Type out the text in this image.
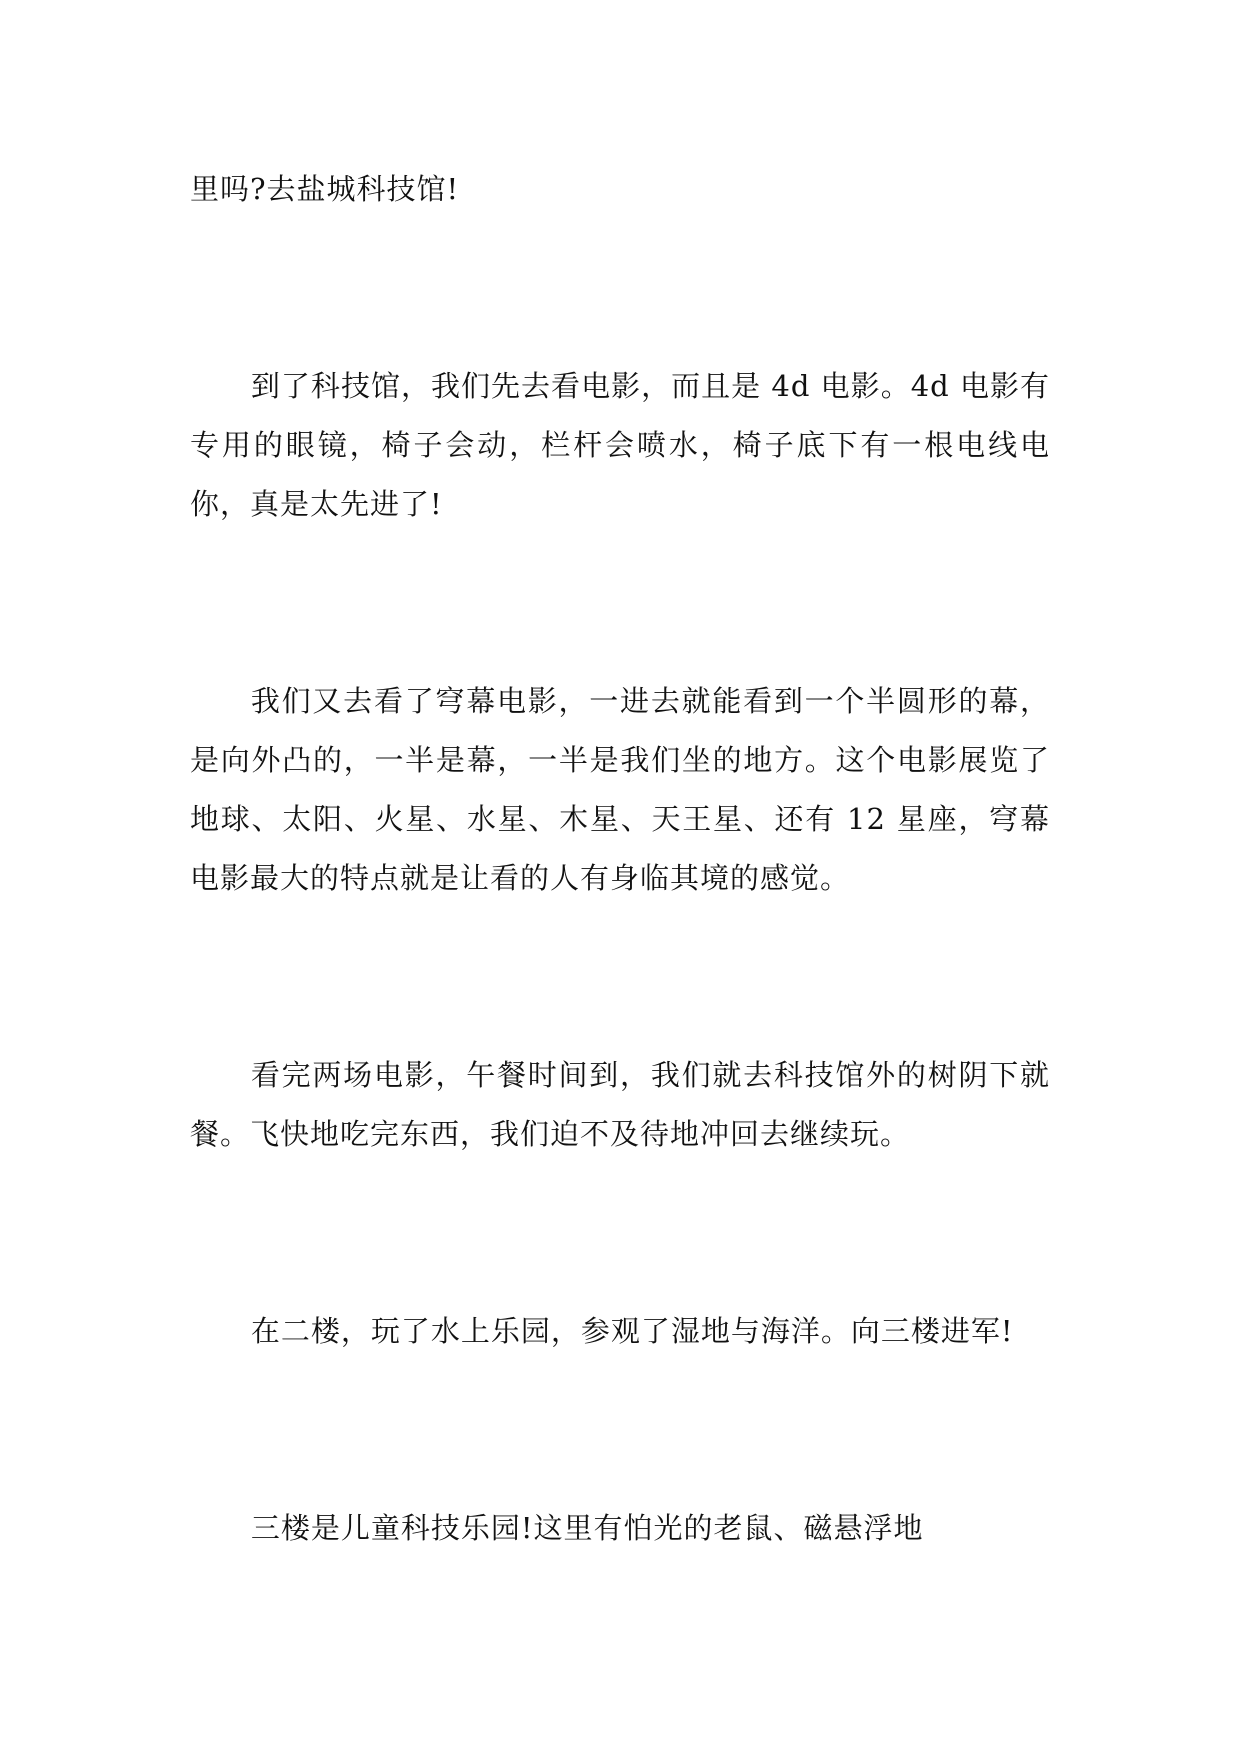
里吗?去盐城科技馆!

到了科技馆，我们先去看电影，而且是 4d 电影。4d 电影有专用的眼镜，椅子会动，栏杆会喷水，椅子底下有一根电线电你，真是太先进了!

我们又去看了穹幕电影，一进去就能看到一个半圆形的幕，是向外凸的，一半是幕，一半是我们坐的地方。这个电影展览了地球、太阳、火星、水星、木星、天王星、还有 12 星座，穹幕电影最大的特点就是让看的人有身临其境的感觉。

看完两场电影，午餐时间到，我们就去科技馆外的树阴下就餐。飞快地吃完东西，我们迫不及待地冲回去继续玩。

在二楼，玩了水上乐园，参观了湿地与海洋。向三楼进军!

三楼是儿童科技乐园!这里有怕光的老鼠、磁悬浮地
